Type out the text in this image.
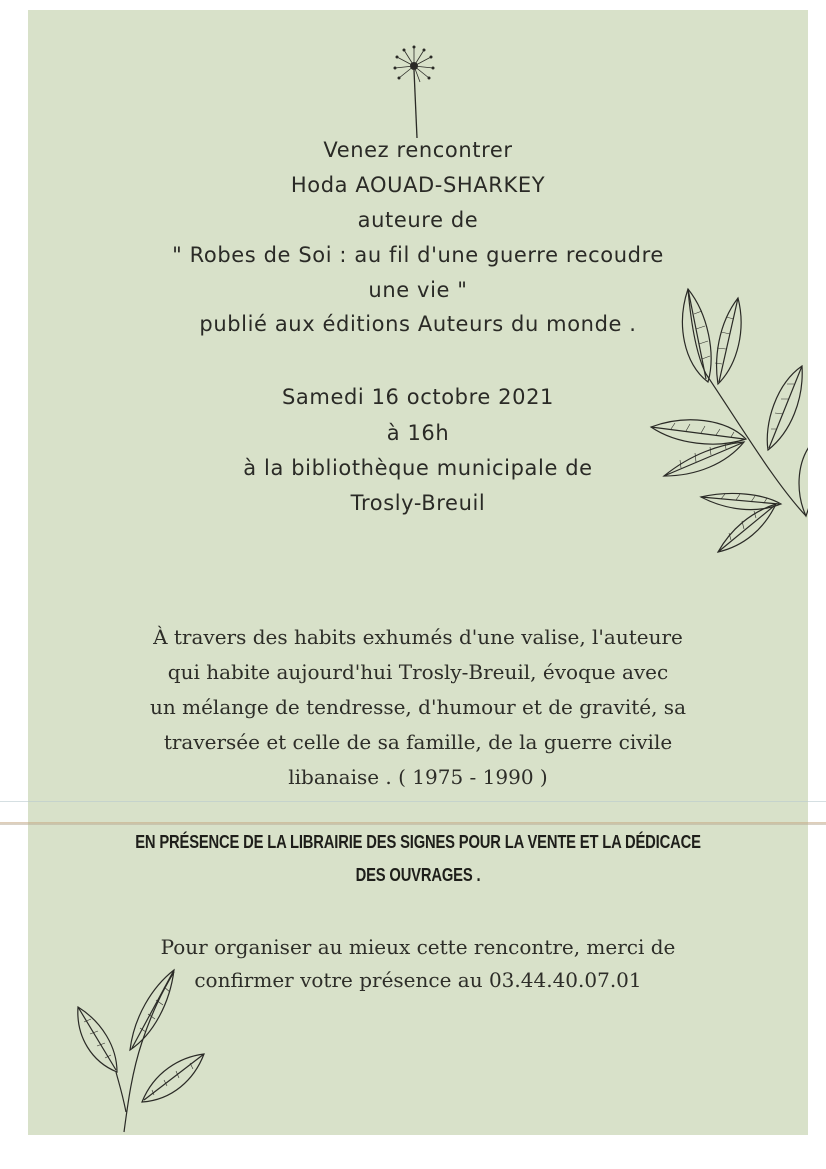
Venez rencontrer
Hoda AOUAD-SHARKEY
auteure de
" Robes de Soi : au fil d'une guerre recoudre
une vie "
publié aux éditions Auteurs du monde .
Samedi 16 octobre 2021
à 16h
à la bibliothèque municipale de
Trosly-Breuil
À travers des habits exhumés d'une valise, l'auteure
qui habite aujourd'hui Trosly-Breuil, évoque avec
un mélange de tendresse, d'humour et de gravité, sa
traversée et celle de sa famille, de la guerre civile
libanaise . ( 1975 - 1990 )
EN PRÉSENCE DE LA LIBRAIRIE DES SIGNES POUR LA VENTE ET LA DÉDICACE
DES OUVRAGES .
Pour organiser au mieux cette rencontre, merci de
confirmer votre présence au 03.44.40.07.01
